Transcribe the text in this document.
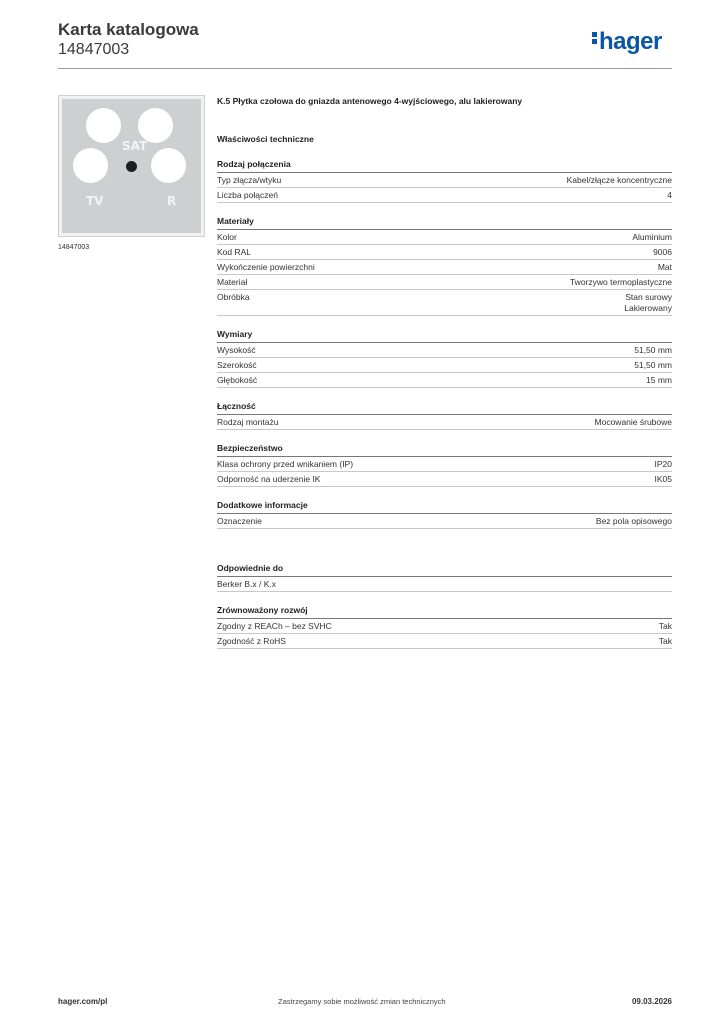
Karta katalogowa
14847003	hager
SAT
TV	R
14847003
K.5 Płytka czołowa do gniazda antenowego 4-wyjściowego, alu lakierowany
Właściwości techniczne
Rodzaj połączenia
Typ złącza/wtyku	Kabel/złącze koncentryczne
Liczba połączeń	4
Materiały
Kolor	Aluminium
Kod RAL	9006
Wykończenie powierzchni	Mat
Materiał	Tworzywo termoplastyczne
Obróbka	Stan surowy
Lakierowany
Wymiary
Wysokość	51,50 mm
Szerokość	51,50 mm
Głębokość	15 mm
Łączność
Rodzaj montażu	Mocowanie śrubowe
Bezpieczeństwo
Klasa ochrony przed wnikaniem (IP)	IP20
Odporność na uderzenie IK	IK05
Dodatkowe informacje
Oznaczenie	Bez pola opisowego
Odpowiednie do
Berker B.x / K.x
Zrównoważony rozwój
Zgodny z REACh – bez SVHC	Tak
Zgodność z RoHS	Tak
hager.com/pl	Zastrzegamy sobie możliwość zmian technicznych	09.03.2026
